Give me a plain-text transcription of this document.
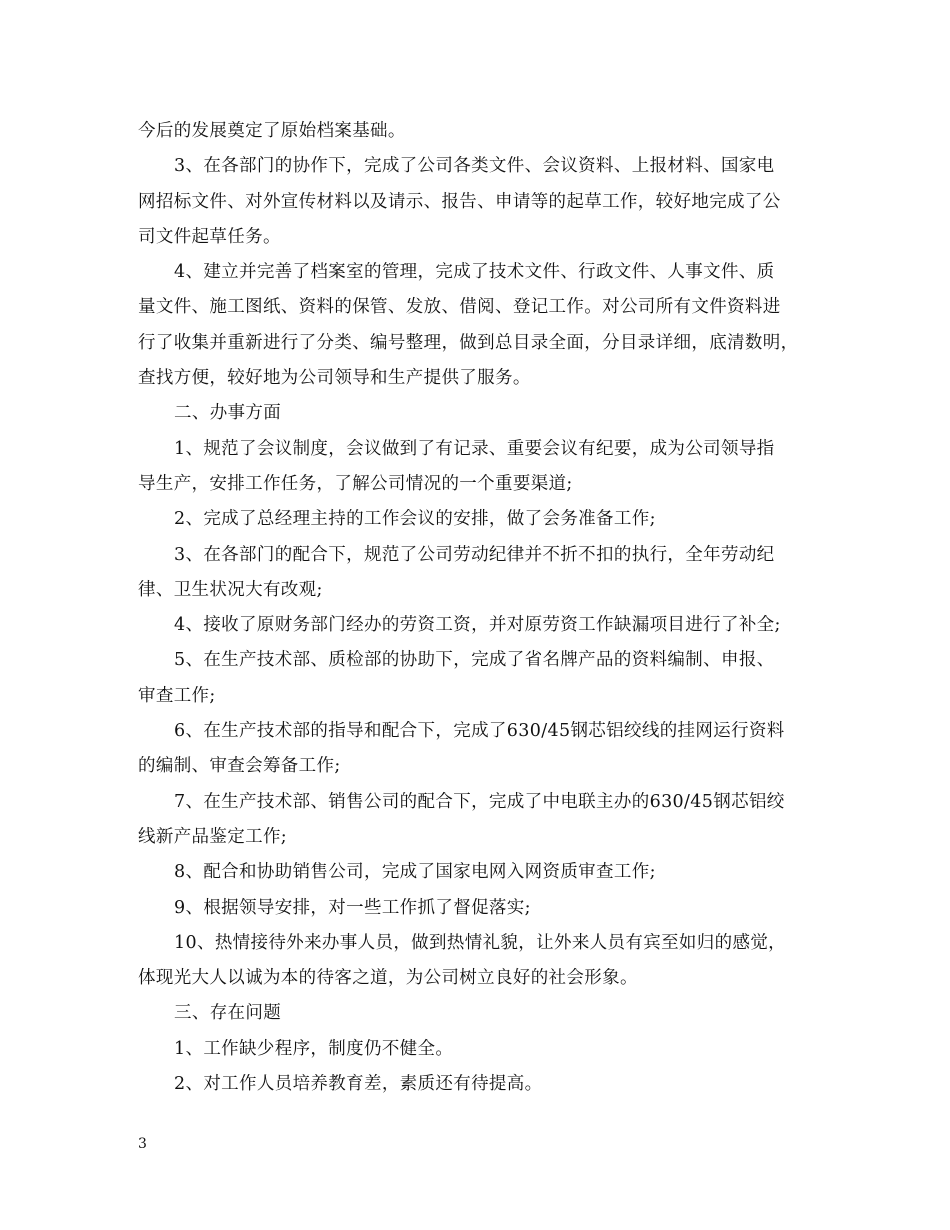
今后的发展奠定了原始档案基础。
3、在各部门的协作下，完成了公司各类文件、会议资料、上报材料、国家电
网招标文件、对外宣传材料以及请示、报告、申请等的起草工作，较好地完成了公
司文件起草任务。
4、建立并完善了档案室的管理，完成了技术文件、行政文件、人事文件、质
量文件、施工图纸、资料的保管、发放、借阅、登记工作。对公司所有文件资料进
行了收集并重新进行了分类、编号整理，做到总目录全面，分目录详细，底清数明，
查找方便，较好地为公司领导和生产提供了服务。
二、办事方面
1、规范了会议制度，会议做到了有记录、重要会议有纪要，成为公司领导指
导生产，安排工作任务，了解公司情况的一个重要渠道;
2、完成了总经理主持的工作会议的安排，做了会务准备工作;
3、在各部门的配合下，规范了公司劳动纪律并不折不扣的执行，全年劳动纪
律、卫生状况大有改观;
4、接收了原财务部门经办的劳资工资，并对原劳资工作缺漏项目进行了补全;
5、在生产技术部、质检部的协助下，完成了省名牌产品的资料编制、申报、
审查工作;
6、在生产技术部的指导和配合下，完成了630/45钢芯铝绞线的挂网运行资料
的编制、审查会筹备工作;
7、在生产技术部、销售公司的配合下，完成了中电联主办的630/45钢芯铝绞
线新产品鉴定工作;
8、配合和协助销售公司，完成了国家电网入网资质审查工作;
9、根据领导安排，对一些工作抓了督促落实;
10、热情接待外来办事人员，做到热情礼貌，让外来人员有宾至如归的感觉，
体现光大人以诚为本的待客之道，为公司树立良好的社会形象。
三、存在问题
1、工作缺少程序，制度仍不健全。
2、对工作人员培养教育差，素质还有待提高。
3
